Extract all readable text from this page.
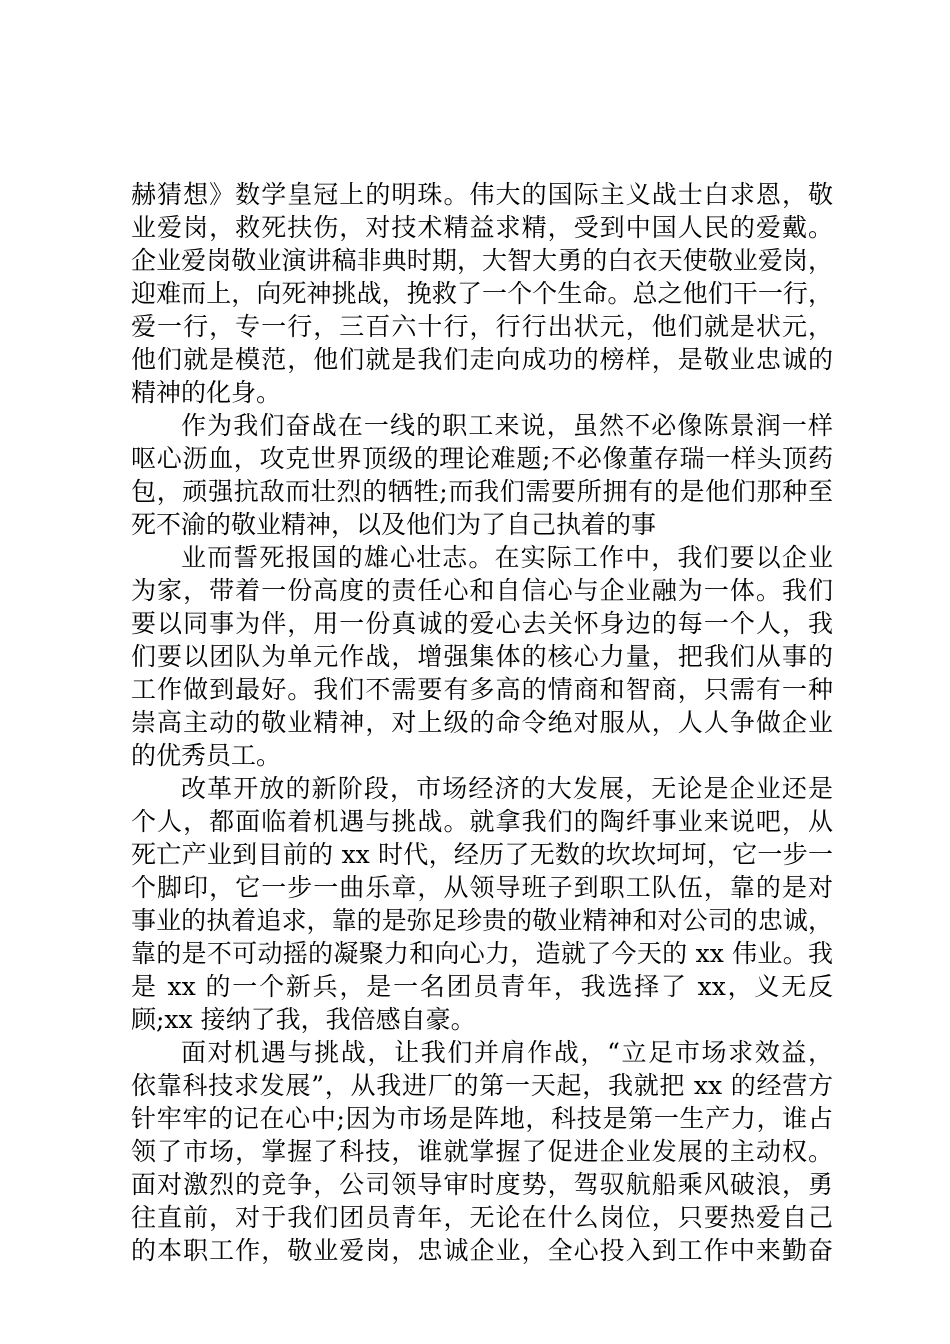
赫猜想》数学皇冠上的明珠。伟大的国际主义战士白求恩，敬
业爱岗，救死扶伤，对技术精益求精，受到中国人民的爱戴。
企业爱岗敬业演讲稿非典时期，大智大勇的白衣天使敬业爱岗，
迎难而上，向死神挑战，挽救了一个个生命。总之他们干一行，
爱一行，专一行，三百六十行，行行出状元，他们就是状元，
他们就是模范，他们就是我们走向成功的榜样，是敬业忠诚的
精神的化身。
作为我们奋战在一线的职工来说，虽然不必像陈景润一样
呕心沥血，攻克世界顶级的理论难题;不必像董存瑞一样头顶药
包，顽强抗敌而壮烈的牺牲;而我们需要所拥有的是他们那种至
死不渝的敬业精神，以及他们为了自己执着的事
业而誓死报国的雄心壮志。在实际工作中，我们要以企业
为家，带着一份高度的责任心和自信心与企业融为一体。我们
要以同事为伴，用一份真诚的爱心去关怀身边的每一个人，我
们要以团队为单元作战，增强集体的核心力量，把我们从事的
工作做到最好。我们不需要有多高的情商和智商，只需有一种
崇高主动的敬业精神，对上级的命令绝对服从，人人争做企业
的优秀员工。
改革开放的新阶段，市场经济的大发展，无论是企业还是
个人，都面临着机遇与挑战。就拿我们的陶纤事业来说吧，从
死亡产业到目前的 xx 时代，经历了无数的坎坎坷坷，它一步一
个脚印，它一步一曲乐章，从领导班子到职工队伍，靠的是对
事业的执着追求，靠的是弥足珍贵的敬业精神和对公司的忠诚，
靠的是不可动摇的凝聚力和向心力，造就了今天的 xx 伟业。我
是 xx 的一个新兵，是一名团员青年，我选择了 xx，义无反
顾;xx 接纳了我，我倍感自豪。
面对机遇与挑战，让我们并肩作战，“立足市场求效益，
依靠科技求发展”，从我进厂的第一天起，我就把 xx 的经营方
针牢牢的记在心中;因为市场是阵地，科技是第一生产力，谁占
领了市场，掌握了科技，谁就掌握了促进企业发展的主动权。
面对激烈的竞争，公司领导审时度势，驾驭航船乘风破浪，勇
往直前，对于我们团员青年，无论在什么岗位，只要热爱自己
的本职工作，敬业爱岗，忠诚企业，全心投入到工作中来勤奋
